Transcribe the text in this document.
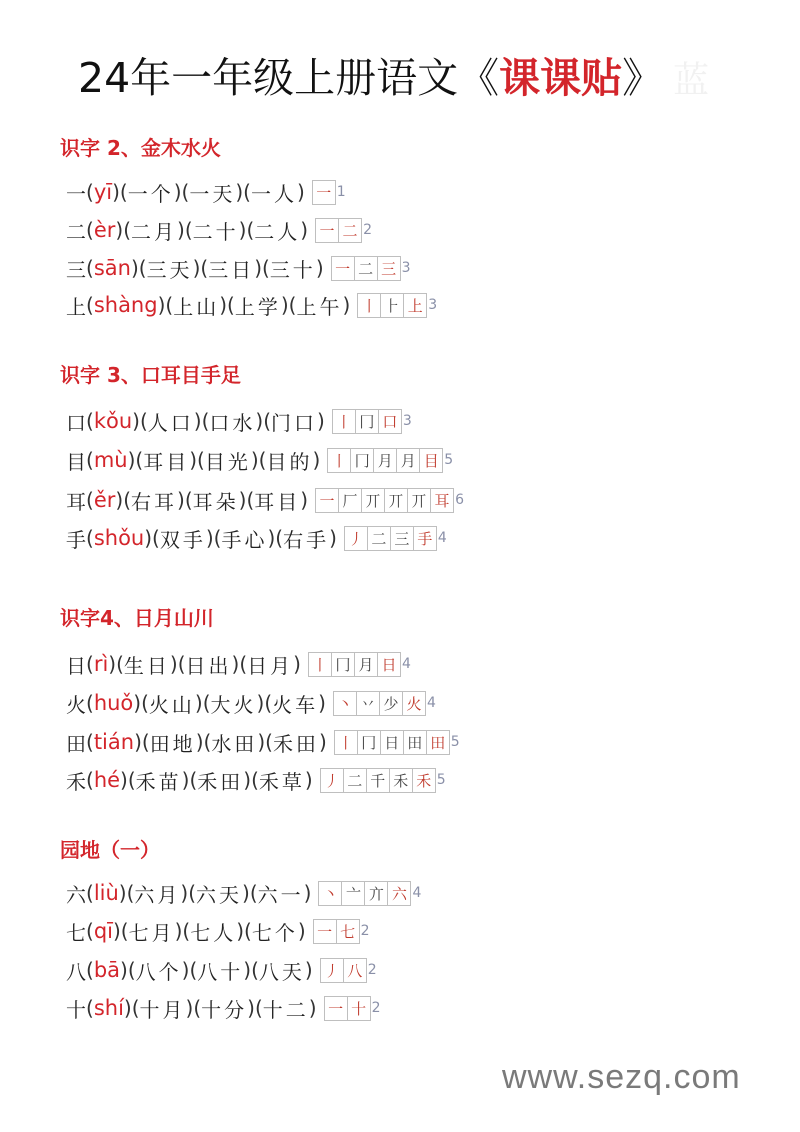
24年一年级上册语文《课课贴》 蓝
识字 2、金木水火
一 ( yī ) ( 一个 ) ( 一天 ) ( 一人 ) 一 1
二 ( èr ) ( 二月 ) ( 二十 ) ( 二人 ) 一 二 2
三 ( sān ) ( 三天 ) ( 三日 ) ( 三十 ) 一 二 三 3
上 ( shàng ) ( 上山 ) ( 上学 ) ( 上午 ) 丨 ⺊ 上 3
识字 3、口耳目手足
口 ( kǒu ) ( 人口 ) ( 口水 ) ( 门口 ) 丨 冂 口 3
目 ( mù ) ( 耳目 ) ( 目光 ) ( 目的 ) 丨 冂 月 月 目 5
耳 ( ěr ) ( 右耳 ) ( 耳朵 ) ( 耳目 ) 一 厂 丌 丌 丌 耳 6
手 ( shǒu ) ( 双手 ) ( 手心 ) ( 右手 ) 丿 二 三 手 4
识字4、日月山川
日 ( rì ) ( 生日 ) ( 日出 ) ( 日月 ) 丨 冂 月 日 4
火 ( huǒ ) ( 火山 ) ( 大火 ) ( 火车 ) 丶 丷 少 火 4
田 ( tián ) ( 田地 ) ( 水田 ) ( 禾田 ) 丨 冂 日 田 田 5
禾 ( hé ) ( 禾苗 ) ( 禾田 ) ( 禾草 ) 丿 二 千 禾 禾 5
园地（一）
六 ( liù ) ( 六月 ) ( 六天 ) ( 六一 ) 丶 亠 亣 六 4
七 ( qī ) ( 七月 ) ( 七人 ) ( 七个 ) 一 七 2
八 ( bā ) ( 八个 ) ( 八十 ) ( 八天 ) 丿 八 2
十 ( shí ) ( 十月 ) ( 十分 ) ( 十二 ) 一 十 2

www.sezq.com
